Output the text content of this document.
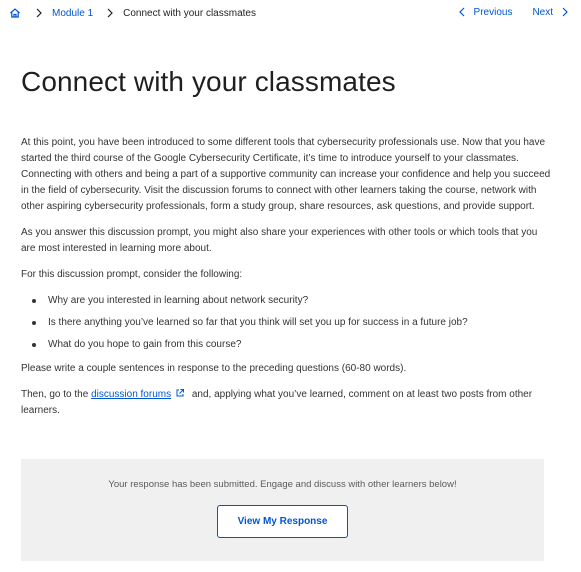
Module 1	Connect with your classmates	Previous Next
Connect with your classmates

At this point, you have been introduced to some different tools that cybersecurity professionals use. Now that you have started the third course of the Google Cybersecurity Certificate, it’s time to introduce yourself to your classmates. Connecting with others and being a part of a supportive community can increase your confidence and help you succeed in the field of cybersecurity. Visit the discussion forums to connect with other learners taking the course, network with other aspiring cybersecurity professionals, form a study group, share resources, ask questions, and provide support.

As you answer this discussion prompt, you might also share your experiences with other tools or which tools that you are most interested in learning more about.

For this discussion prompt, consider the following:

Why are you interested in learning about network security?
Is there anything you’ve learned so far that you think will set you up for success in a future job?
What do you hope to gain from this course?

Please write a couple sentences in response to the preceding questions (60-80 words).

Then, go to the discussion forums and, applying what you’ve learned, comment on at least two posts from other learners.

Your response has been submitted. Engage and discuss with other learners below!
View My Response
